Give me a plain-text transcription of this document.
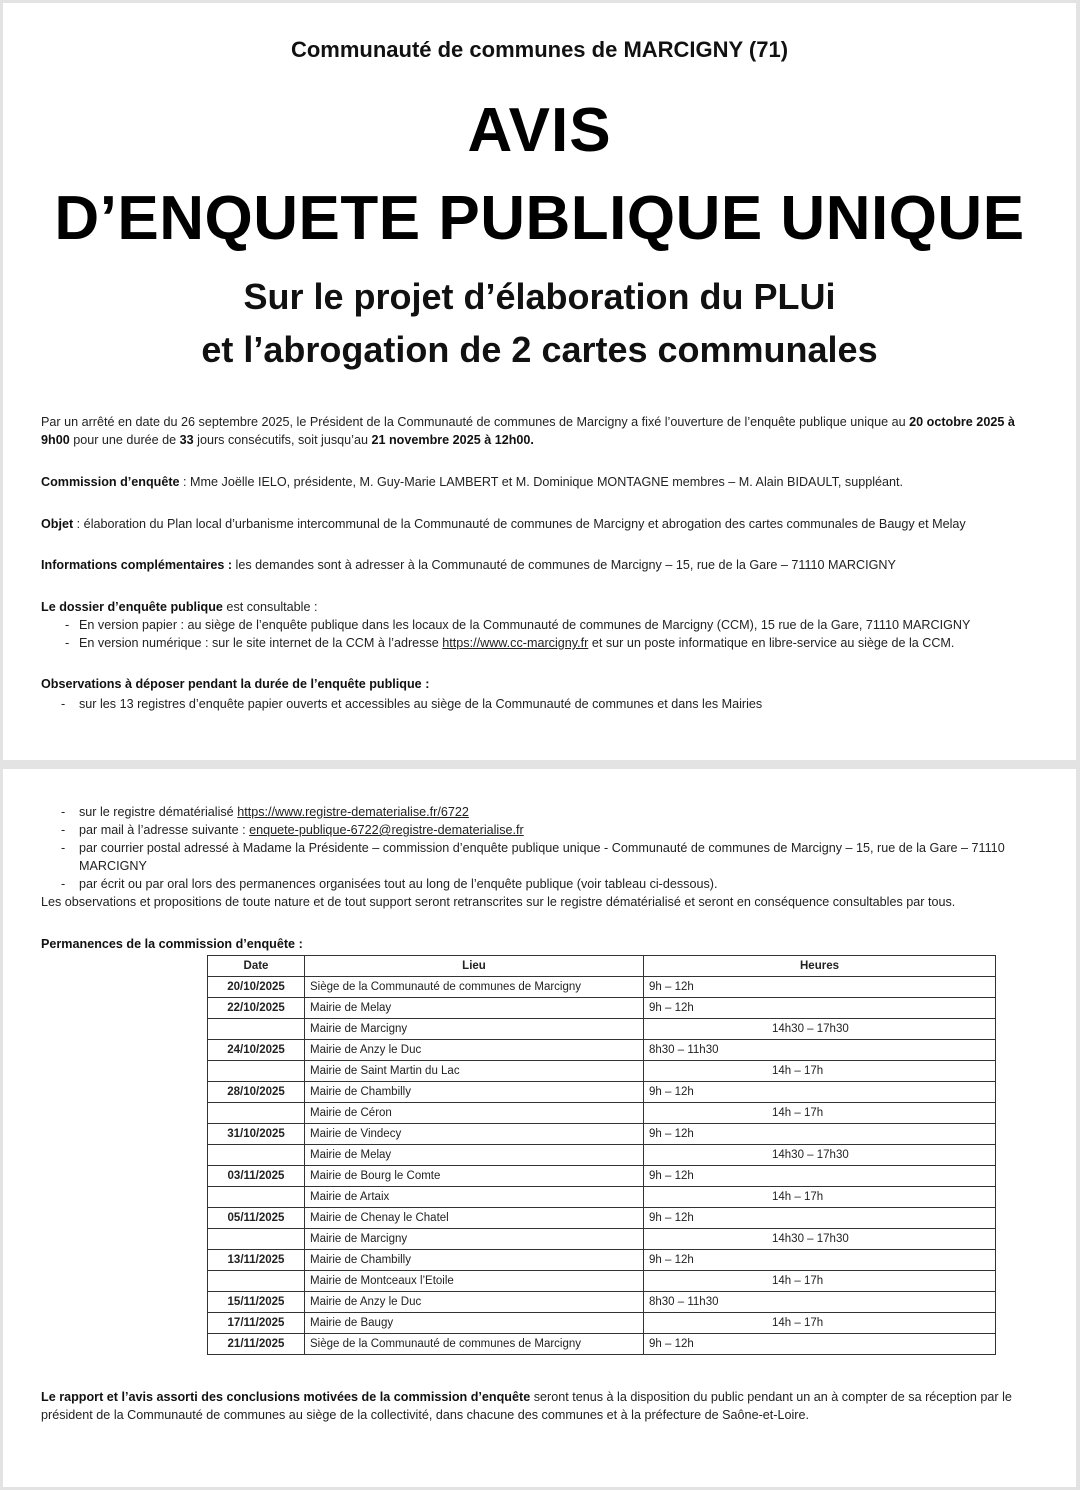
Communauté de communes de MARCIGNY (71)
AVIS
D’ENQUETE PUBLIQUE UNIQUE
Sur le projet d’élaboration du PLUi
et l’abrogation de 2 cartes communales
Par un arrêté en date du 26 septembre 2025, le Président de la Communauté de communes de Marcigny a fixé l’ouverture de l’enquête publique unique au 20 octobre 2025 à 9h00 pour une durée de 33 jours consécutifs, soit jusqu’au 21 novembre 2025 à 12h00.
Commission d’enquête : Mme Joëlle IELO, présidente, M. Guy-Marie LAMBERT et M. Dominique MONTAGNE membres – M. Alain BIDAULT, suppléant.
Objet : élaboration du Plan local d’urbanisme intercommunal de la Communauté de communes de Marcigny et abrogation des cartes communales de Baugy et Melay
Informations complémentaires : les demandes sont à adresser à la Communauté de communes de Marcigny – 15, rue de la Gare – 71110 MARCIGNY
Le dossier d’enquête publique est consultable :
- En version papier : au siège de l’enquête publique dans les locaux de la Communauté de communes de Marcigny (CCM), 15 rue de la Gare, 71110 MARCIGNY
- En version numérique : sur le site internet de la CCM à l’adresse https://www.cc-marcigny.fr et sur un poste informatique en libre-service au siège de la CCM.
Observations à déposer pendant la durée de l’enquête publique :
- sur les 13 registres d’enquête papier ouverts et accessibles au siège de la Communauté de communes et dans les Mairies
- sur le registre dématérialisé https://www.registre-dematerialise.fr/6722
- par mail à l’adresse suivante : enquete-publique-6722@registre-dematerialise.fr
- par courrier postal adressé à Madame la Présidente – commission d’enquête publique unique - Communauté de communes de Marcigny – 15, rue de la Gare – 71110
MARCIGNY
- par écrit ou par oral lors des permanences organisées tout au long de l’enquête publique (voir tableau ci-dessous).
Les observations et propositions de toute nature et de tout support seront retranscrites sur le registre dématérialisé et seront en conséquence consultables par tous.
Permanences de la commission d’enquête :
Date	Lieu	Heures
20/10/2025	Siège de la Communauté de communes de Marcigny	9h – 12h
22/10/2025	Mairie de Melay	9h – 12h
	Mairie de Marcigny	14h30 – 17h30
24/10/2025	Mairie de Anzy le Duc	8h30 – 11h30
	Mairie de Saint Martin du Lac	14h – 17h
28/10/2025	Mairie de Chambilly	9h – 12h
	Mairie de Céron	14h – 17h
31/10/2025	Mairie de Vindecy	9h – 12h
	Mairie de Melay	14h30 – 17h30
03/11/2025	Mairie de Bourg le Comte	9h – 12h
	Mairie de Artaix	14h – 17h
05/11/2025	Mairie de Chenay le Chatel	9h – 12h
	Mairie de Marcigny	14h30 – 17h30
13/11/2025	Mairie de Chambilly	9h – 12h
	Mairie de Montceaux l’Etoile	14h – 17h
15/11/2025	Mairie de Anzy le Duc	8h30 – 11h30
17/11/2025	Mairie de Baugy	14h – 17h
21/11/2025	Siège de la Communauté de communes de Marcigny	9h – 12h
Le rapport et l’avis assorti des conclusions motivées de la commission d’enquête seront tenus à la disposition du public pendant un an à compter de sa réception par le président de la Communauté de communes au siège de la collectivité, dans chacune des communes et à la préfecture de Saône-et-Loire.
